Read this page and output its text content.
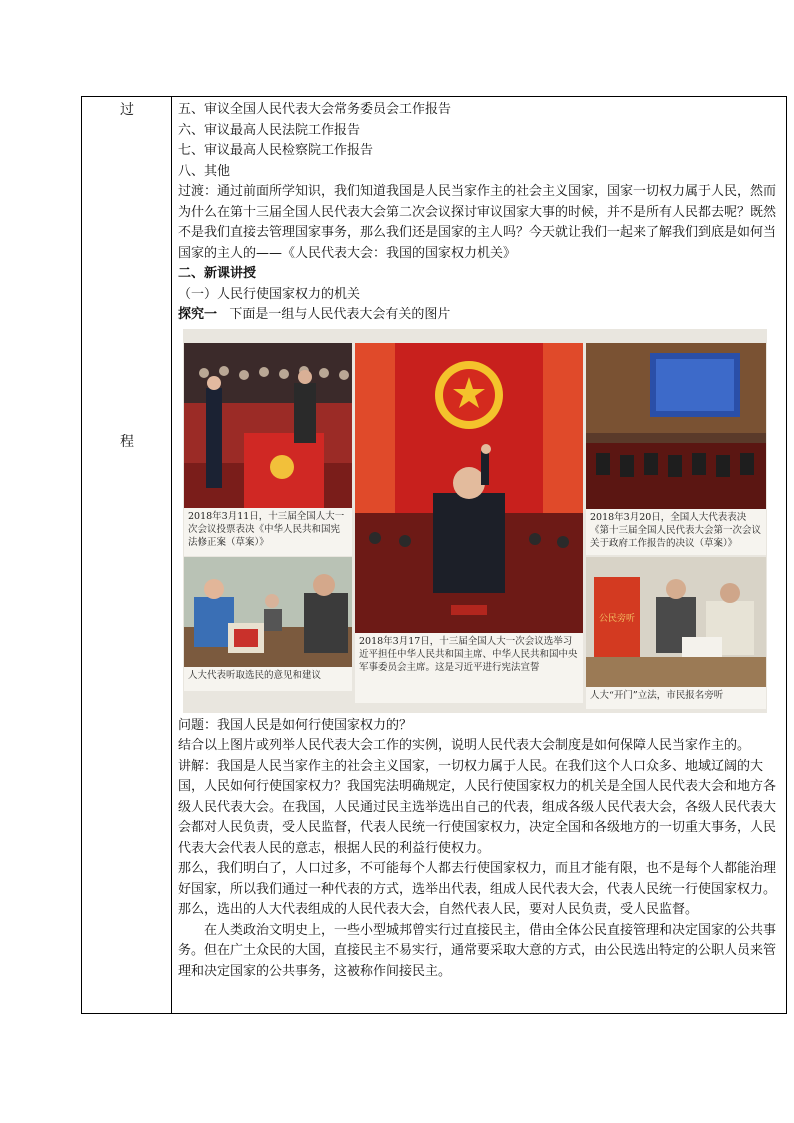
过
程

五、审议全国人民代表大会常务委员会工作报告

六、审议最高人民法院工作报告

七、审议最高人民检察院工作报告

八、其他

过渡：通过前面所学知识，我们知道我国是人民当家作主的社会主义国家，国家一切权力属于人民，然而为什么在第十三届全国人民代表大会第二次会议探讨审议国家大事的时候，并不是所有人民都去呢？既然不是我们直接去管理国家事务，那么我们还是国家的主人吗？今天就让我们一起来了解我们到底是如何当国家的主人的——《人民代表大会：我国的国家权力机关》

二、新课讲授

（一）人民行使国家权力的机关

探究一 下面是一组与人民代表大会有关的图片

2018年3月11日，十三届全国人大一次会议投票表决《中华人民共和国宪法修正案（草案）》
2018年3月17日，十三届全国人大一次会议选举习近平担任中华人民共和国主席、中华人民共和国中央军事委员会主席。这是习近平进行宪法宣誓
2018年3月20日，全国人大代表表决《第十三届全国人民代表大会第一次会议关于政府工作报告的决议（草案）》
人大代表听取选民的意见和建议
公民旁听
人大“开门”立法，市民报名旁听

问题：我国人民是如何行使国家权力的？

结合以上图片或列举人民代表大会工作的实例，说明人民代表大会制度是如何保障人民当家作主的。

讲解：我国是人民当家作主的社会主义国家，一切权力属于人民。在我们这个人口众多、地域辽阔的大国，人民如何行使国家权力？我国宪法明确规定，人民行使国家权力的机关是全国人民代表大会和地方各级人民代表大会。在我国，人民通过民主选举选出自己的代表，组成各级人民代表大会，各级人民代表大会都对人民负责，受人民监督，代表人民统一行使国家权力，决定全国和各级地方的一切重大事务，人民代表大会代表人民的意志，根据人民的利益行使权力。

那么，我们明白了，人口过多，不可能每个人都去行使国家权力，而且才能有限，也不是每个人都能治理好国家，所以我们通过一种代表的方式，选举出代表，组成人民代表大会，代表人民统一行使国家权力。那么，选出的人大代表组成的人民代表大会，自然代表人民，要对人民负责，受人民监督。

在人类政治文明史上，一些小型城邦曾实行过直接民主，借由全体公民直接管理和决定国家的公共事务。但在广土众民的大国，直接民主不易实行，通常要采取大意的方式，由公民选出特定的公职人员来管理和决定国家的公共事务，这被称作间接民主。
